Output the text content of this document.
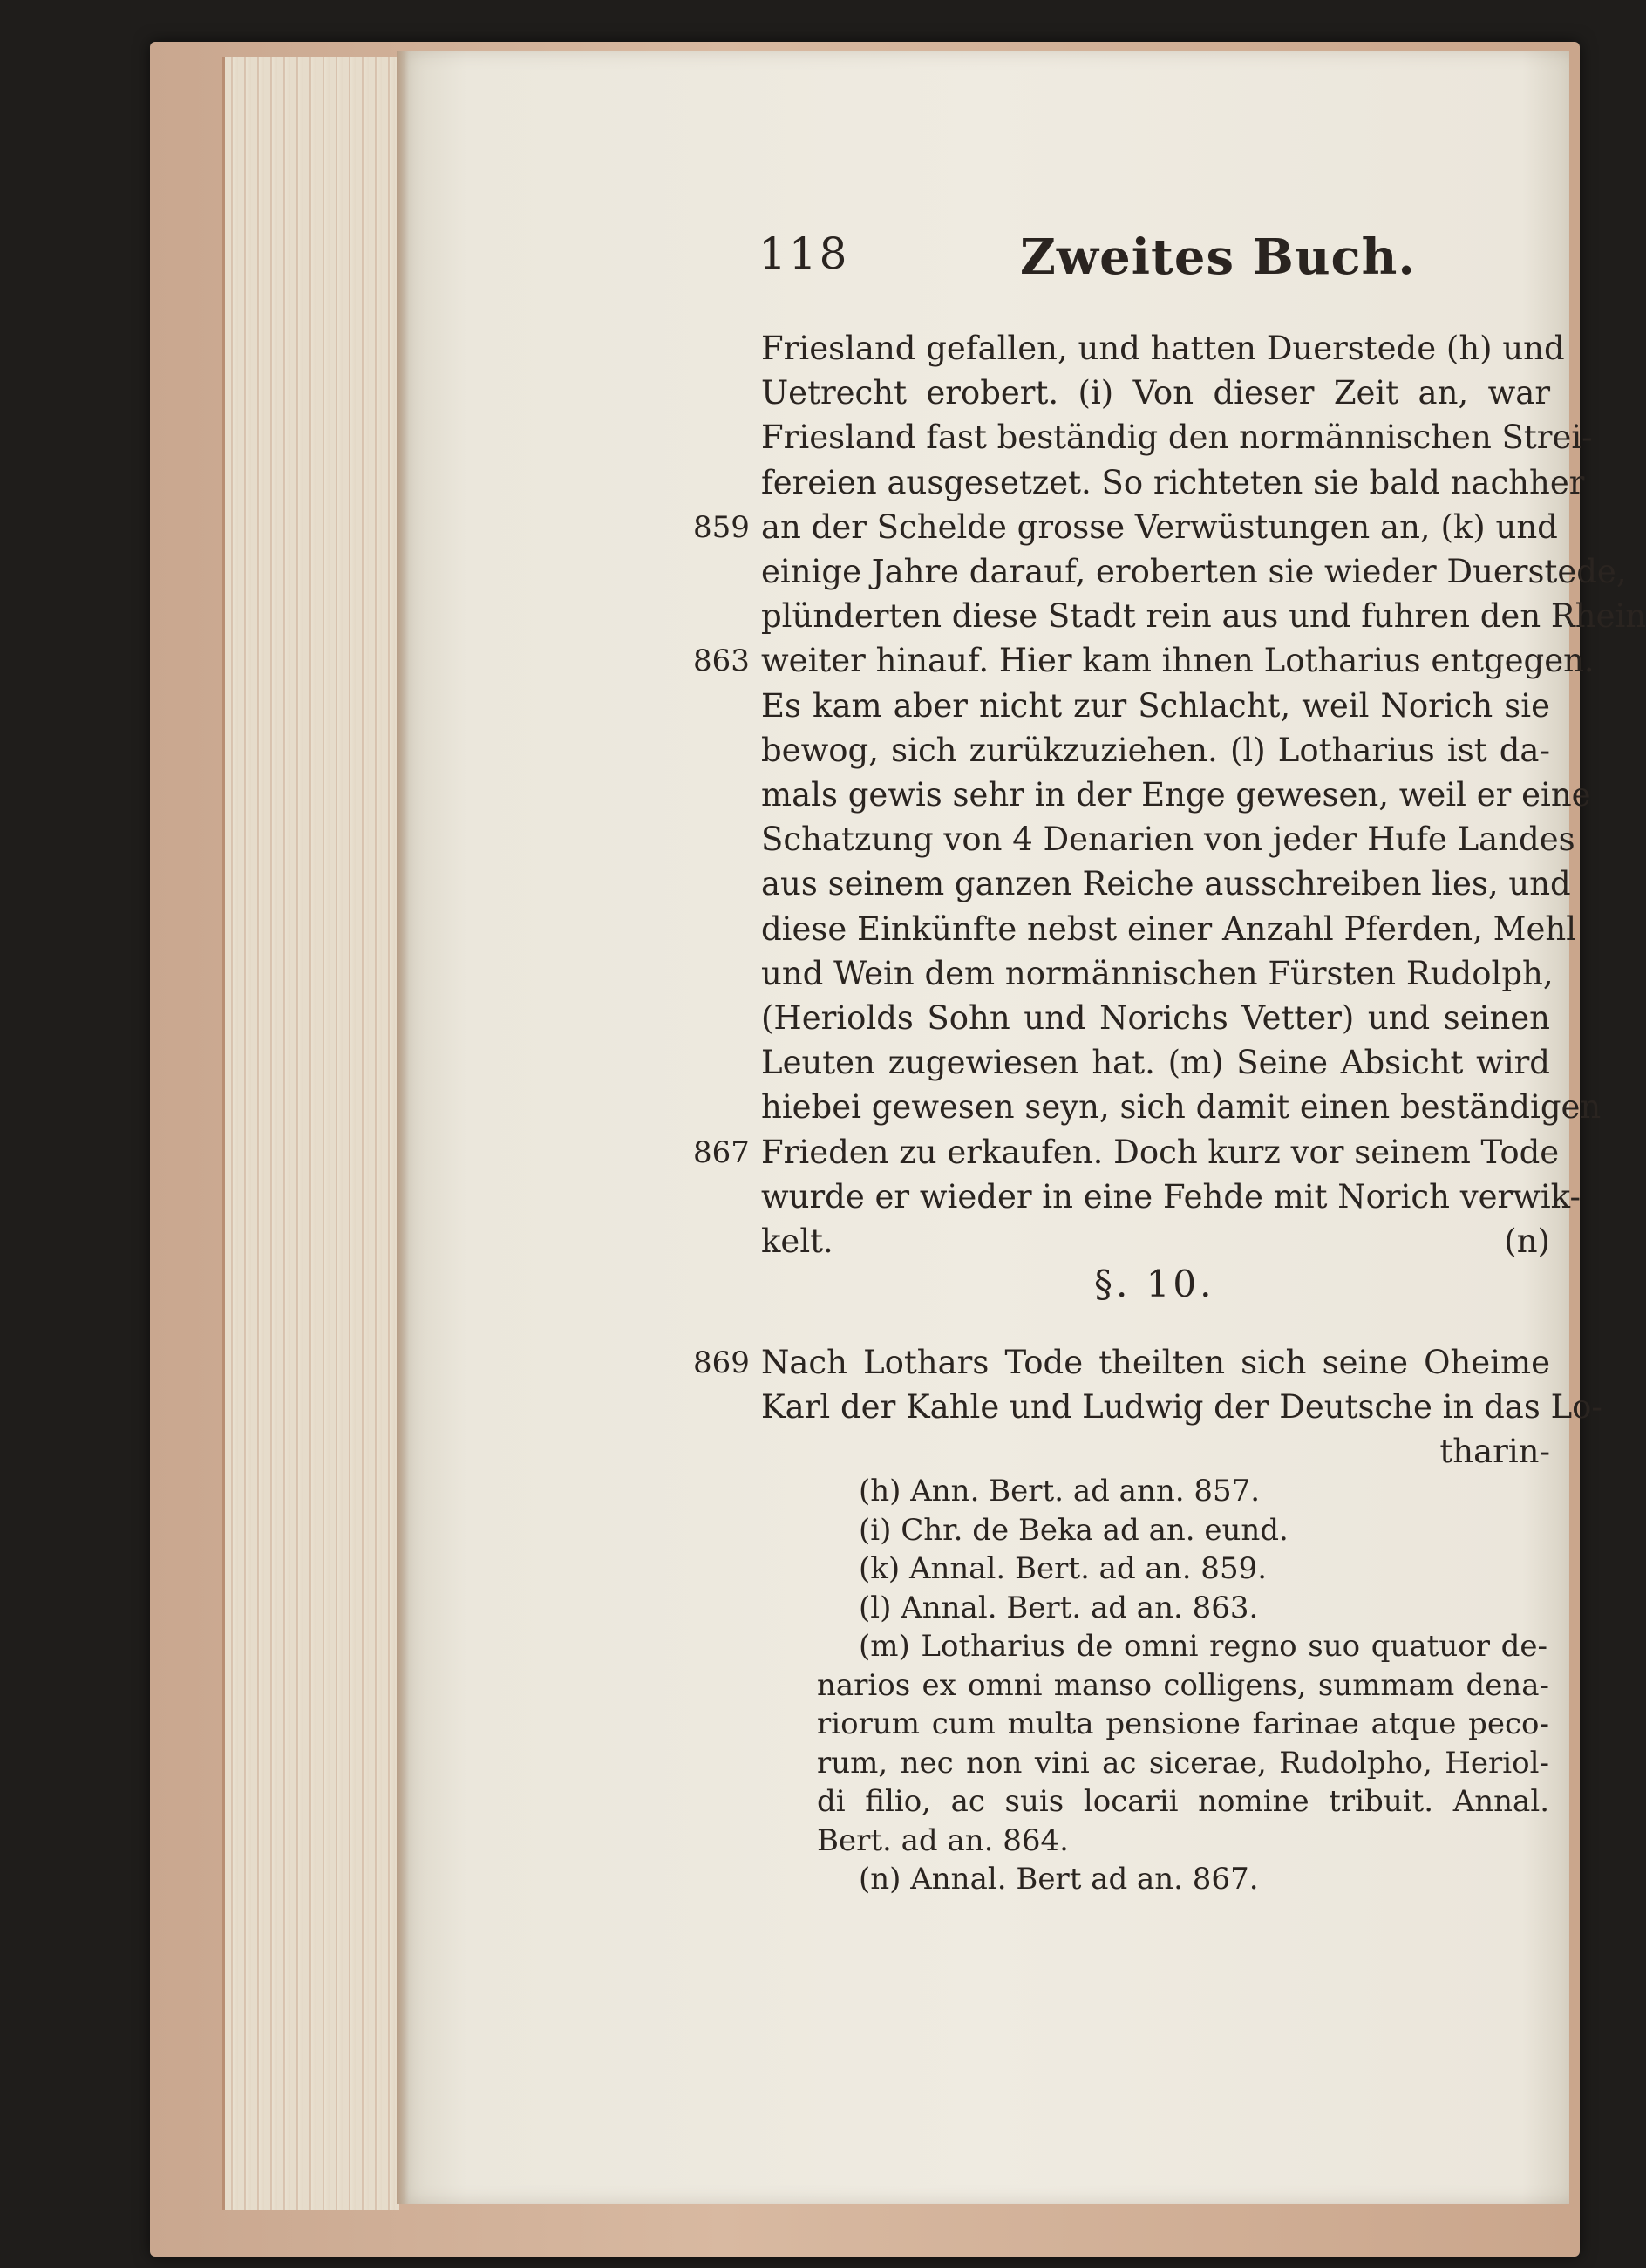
118	Zweites Buch.
Friesland gefallen, und hatten Duerstede (h) und
Uetrecht erobert. (i) Von dieser Zeit an, war
Friesland fast beständig den normännischen Strei-
fereien ausgesetzet. So richteten sie bald nachher
859 an der Schelde grosse Verwüstungen an, (k) und
einige Jahre darauf, eroberten sie wieder Duerstede,
plünderten diese Stadt rein aus und fuhren den Rhein
863 weiter hinauf. Hier kam ihnen Lotharius entgegen.
Es kam aber nicht zur Schlacht, weil Norich sie
bewog, sich zurükzuziehen. (l) Lotharius ist da-
mals gewis sehr in der Enge gewesen, weil er eine
Schatzung von 4 Denarien von jeder Hufe Landes
aus seinem ganzen Reiche ausschreiben lies, und
diese Einkünfte nebst einer Anzahl Pferden, Mehl
und Wein dem normännischen Fürsten Rudolph,
(Heriolds Sohn und Norichs Vetter) und seinen
Leuten zugewiesen hat. (m) Seine Absicht wird
hiebei gewesen seyn, sich damit einen beständigen
867 Frieden zu erkaufen. Doch kurz vor seinem Tode
wurde er wieder in eine Fehde mit Norich verwik-
kelt. (n)
§. 10.
869 Nach Lothars Tode theilten sich seine Oheime
Karl der Kahle und Ludwig der Deutsche in das Lo-
tharin-
(h) Ann. Bert. ad ann. 857.
(i) Chr. de Beka ad an. eund.
(k) Annal. Bert. ad an. 859.
(l) Annal. Bert. ad an. 863.
(m) Lotharius de omni regno suo quatuor de-
narios ex omni manso colligens, summam dena-
riorum cum multa pensione farinae atque peco-
rum, nec non vini ac sicerae, Rudolpho, Heriol-
di filio, ac suis locarii nomine tribuit. Annal.
Bert. ad an. 864.
(n) Annal. Bert ad an. 867.
